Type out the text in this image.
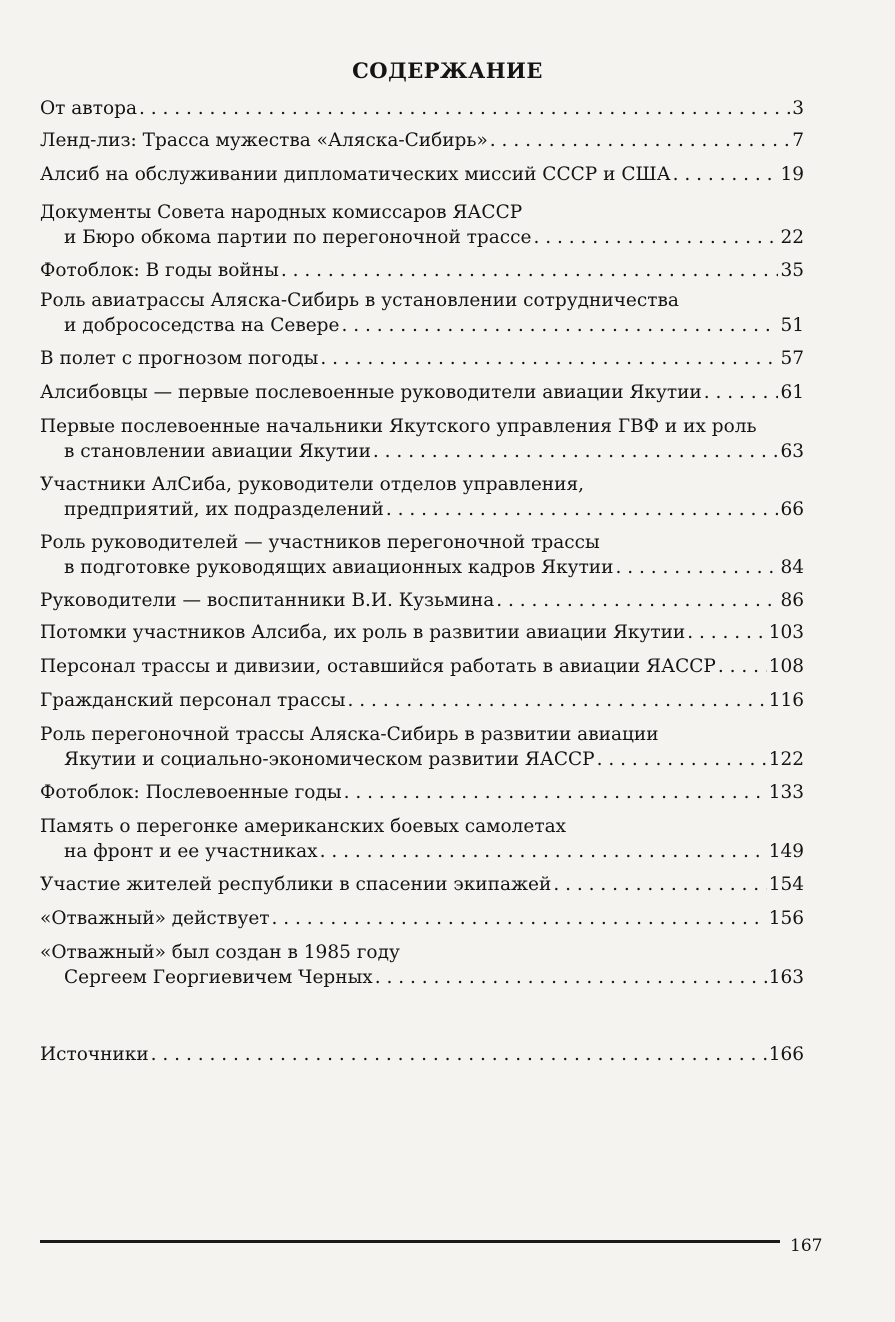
СОДЕРЖАНИЕ
От автора . . .	3
Ленд-лиз: Трасса мужества «Аляска-Сибирь» . . .	7
Алсиб на обслуживании дипломатических миссий СССР и США . . .	19
Документы Совета народных комиссаров ЯАССР
и Бюро обкома партии по перегоночной трассе . . .	22
Фотоблок: В годы войны . . .	35
Роль авиатрассы Аляска-Сибирь в установлении сотрудничества
и добрососедства на Севере . . .	51
В полет с прогнозом погоды . . .	57
Алсибовцы — первые послевоенные руководители авиации Якутии . . .	61
Первые послевоенные начальники Якутского управления ГВФ и их роль
в становлении авиации Якутии . . .	63
Участники АлСиба, руководители отделов управления,
предприятий, их подразделений . . .	66
Роль руководителей — участников перегоночной трассы
в подготовке руководящих авиационных кадров Якутии . . .	84
Руководители — воспитанники В.И. Кузьмина . . .	86
Потомки участников Алсиба, их роль в развитии авиации Якутии . . .	103
Персонал трассы и дивизии, оставшийся работать в авиации ЯАССР . . .	108
Гражданский персонал трассы . . .	116
Роль перегоночной трассы Аляска-Сибирь в развитии авиации
Якутии и социально-экономическом развитии ЯАССР . . .	122
Фотоблок: Послевоенные годы . . .	133
Память о перегонке американских боевых самолетах
на фронт и ее участниках . . .	149
Участие жителей республики в спасении экипажей . . .	154
«Отважный» действует . . .	156
«Отважный» был создан в 1985 году
Сергеем Георгиевичем Черных . . .	163
Источники . . .	166
167
